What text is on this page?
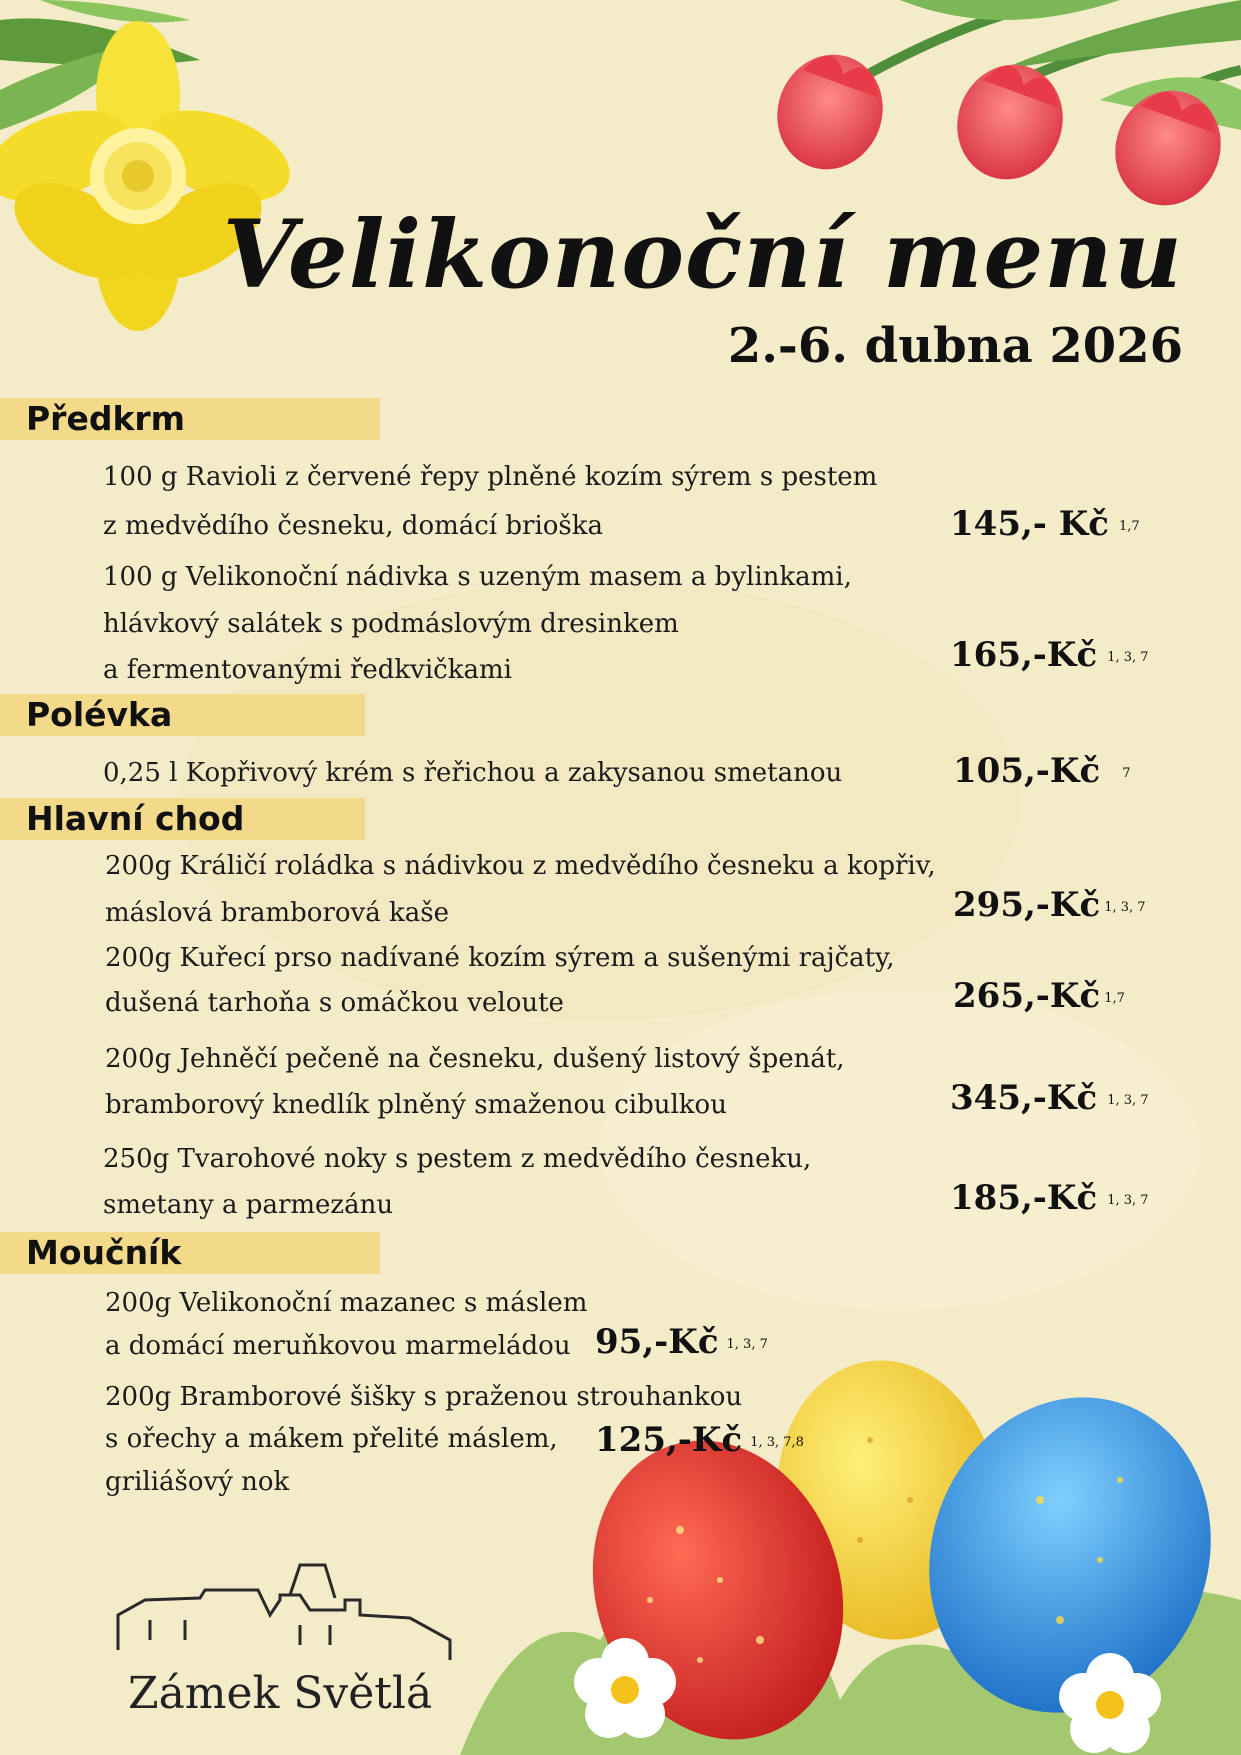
Velikonoční menu
2.-6. dubna 2026
Předkrm
100 g Ravioli z červené řepy plněné kozím sýrem s pestem
z medvědího česneku, domácí brioška	145,- Kč 1,7
100 g Velikonoční nádivka s uzeným masem a bylinkami,
hlávkový salátek s podmáslovým dresinkem
a fermentovanými ředkvičkami	165,-Kč 1, 3, 7
Polévka
0,25 l Kopřivový krém s řeřichou a zakysanou smetanou	105,-Kč 7
Hlavní chod
200g Králičí roládka s nádivkou z medvědího česneku a kopřiv,
máslová bramborová kaše	295,-Kč 1, 3, 7
200g Kuřecí prso nadívané kozím sýrem a sušenými rajčaty,
dušená tarhoňa s omáčkou veloute	265,-Kč 1,7
200g Jehněčí pečeně na česneku, dušený listový špenát,
bramborový knedlík plněný smaženou cibulkou	345,-Kč 1, 3, 7
250g Tvarohové noky s pestem z medvědího česneku,
smetany a parmezánu	185,-Kč 1, 3, 7
Moučník
200g Velikonoční mazanec s máslem
a domácí meruňkovou marmeládou 95,-Kč 1, 3, 7
200g Bramborové šišky s praženou strouhankou
s ořechy a mákem přelité máslem,
griliášový nok
125,-Kč 1, 3, 7,8
Zámek Světlá
